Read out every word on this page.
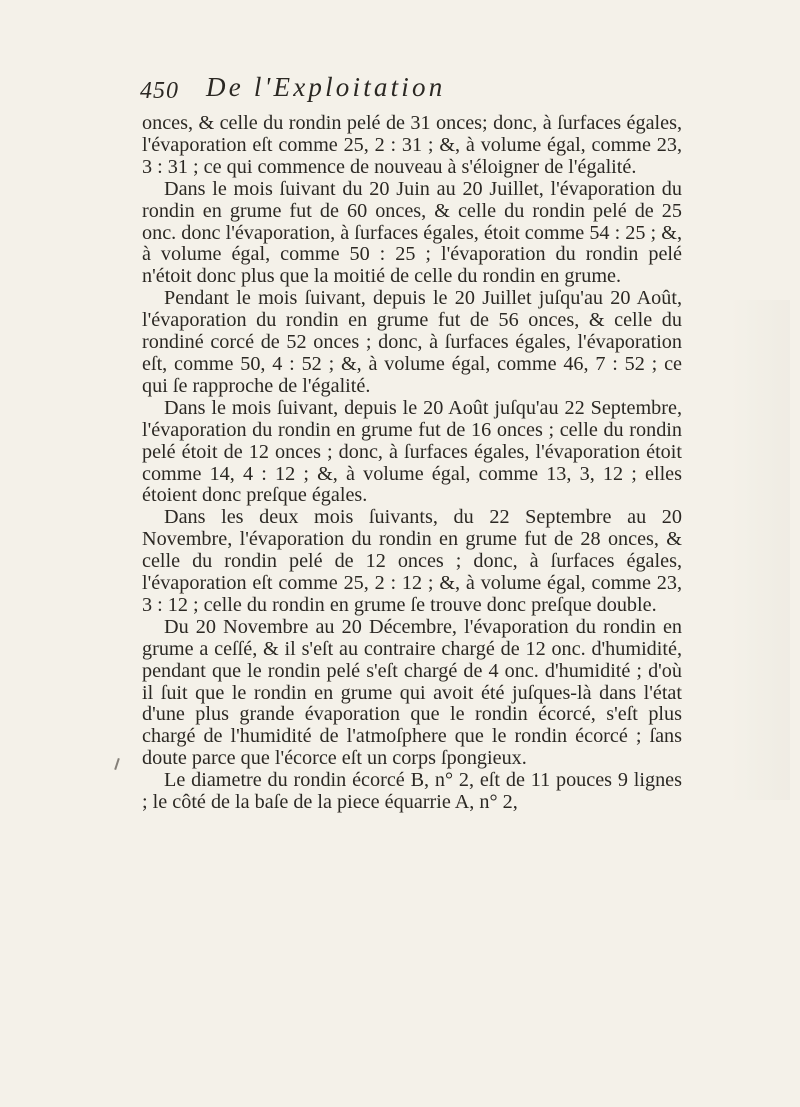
450 De l'Exploitation

onces, & celle du rondin pelé de 31 onces; donc, à ſurfaces égales, l'évaporation eſt comme 25, 2 : 31 ; &, à volume égal, comme 23, 3 : 31 ; ce qui commence de nouveau à s'éloigner de l'égalité.

Dans le mois ſuivant du 20 Juin au 20 Juillet, l'évaporation du rondin en grume fut de 60 onces, & celle du rondin pelé de 25 onc. donc l'évaporation, à ſurfaces égales, étoit comme 54 : 25 ; &, à volume égal, comme 50 : 25 ; l'évaporation du rondin pelé n'étoit donc plus que la moitié de celle du rondin en grume.

Pendant le mois ſuivant, depuis le 20 Juillet juſqu'au 20 Août, l'évaporation du rondin en grume fut de 56 onces, & celle du rondiné corcé de 52 onces ; donc, à ſurfaces égales, l'évaporation eſt, comme 50, 4 : 52 ; &, à volume égal, comme 46, 7 : 52 ; ce qui ſe rapproche de l'égalité.

Dans le mois ſuivant, depuis le 20 Août juſqu'au 22 Septembre, l'évaporation du rondin en grume fut de 16 onces ; celle du rondin pelé étoit de 12 onces ; donc, à ſurfaces égales, l'évaporation étoit comme 14, 4 : 12 ; &, à volume égal, comme 13, 3, 12 ; elles étoient donc preſque égales.

Dans les deux mois ſuivants, du 22 Septembre au 20 Novembre, l'évaporation du rondin en grume fut de 28 onces, & celle du rondin pelé de 12 onces ; donc, à ſurfaces égales, l'évaporation eſt comme 25, 2 : 12 ; &, à volume égal, comme 23, 3 : 12 ; celle du rondin en grume ſe trouve donc preſque double.

Du 20 Novembre au 20 Décembre, l'évaporation du rondin en grume a ceſſé, & il s'eſt au contraire chargé de 12 onc. d'humidité, pendant que le rondin pelé s'eſt chargé de 4 onc. d'humidité ; d'où il ſuit que le rondin en grume qui avoit été juſques-là dans l'état d'une plus grande évaporation que le rondin écorcé, s'eſt plus chargé de l'humidité de l'atmoſphere que le rondin écorcé ; ſans doute parce que l'écorce eſt un corps ſpongieux.

Le diametre du rondin écorcé B, n° 2, eſt de 11 pouces 9 lignes ; le côté de la baſe de la piece équarrie A, n° 2,
